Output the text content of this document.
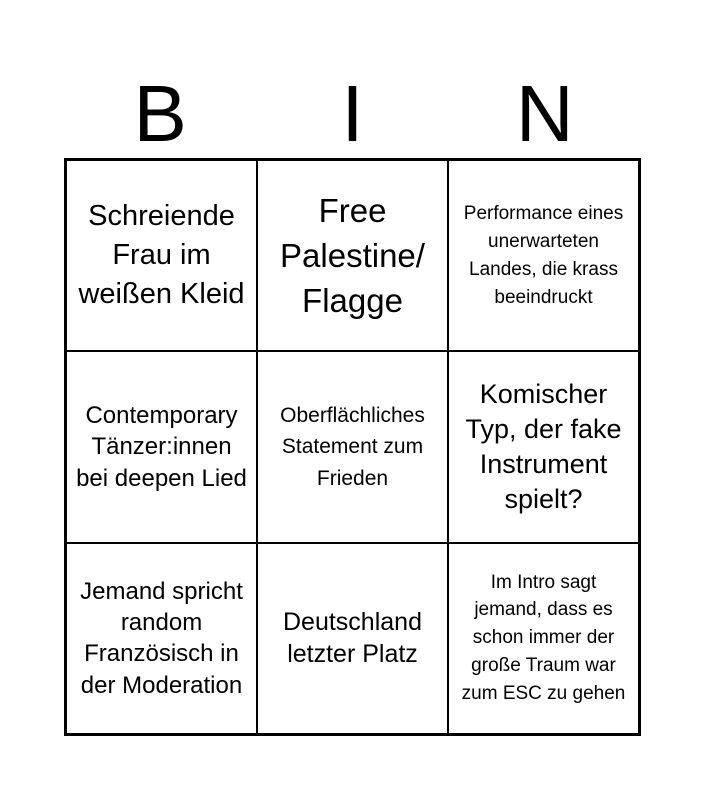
B	I	N
Schreiende Frau im weißen Kleid
Free Palestine/ Flagge
Performance eines unerwarteten Landes, die krass beeindruckt
Contemporary Tänzer:innen bei deepen Lied
Oberflächliches Statement zum Frieden
Komischer Typ, der fake Instrument spielt?
Jemand spricht random Französisch in der Moderation
Deutschland letzter Platz
Im Intro sagt jemand, dass es schon immer der große Traum war zum ESC zu gehen
